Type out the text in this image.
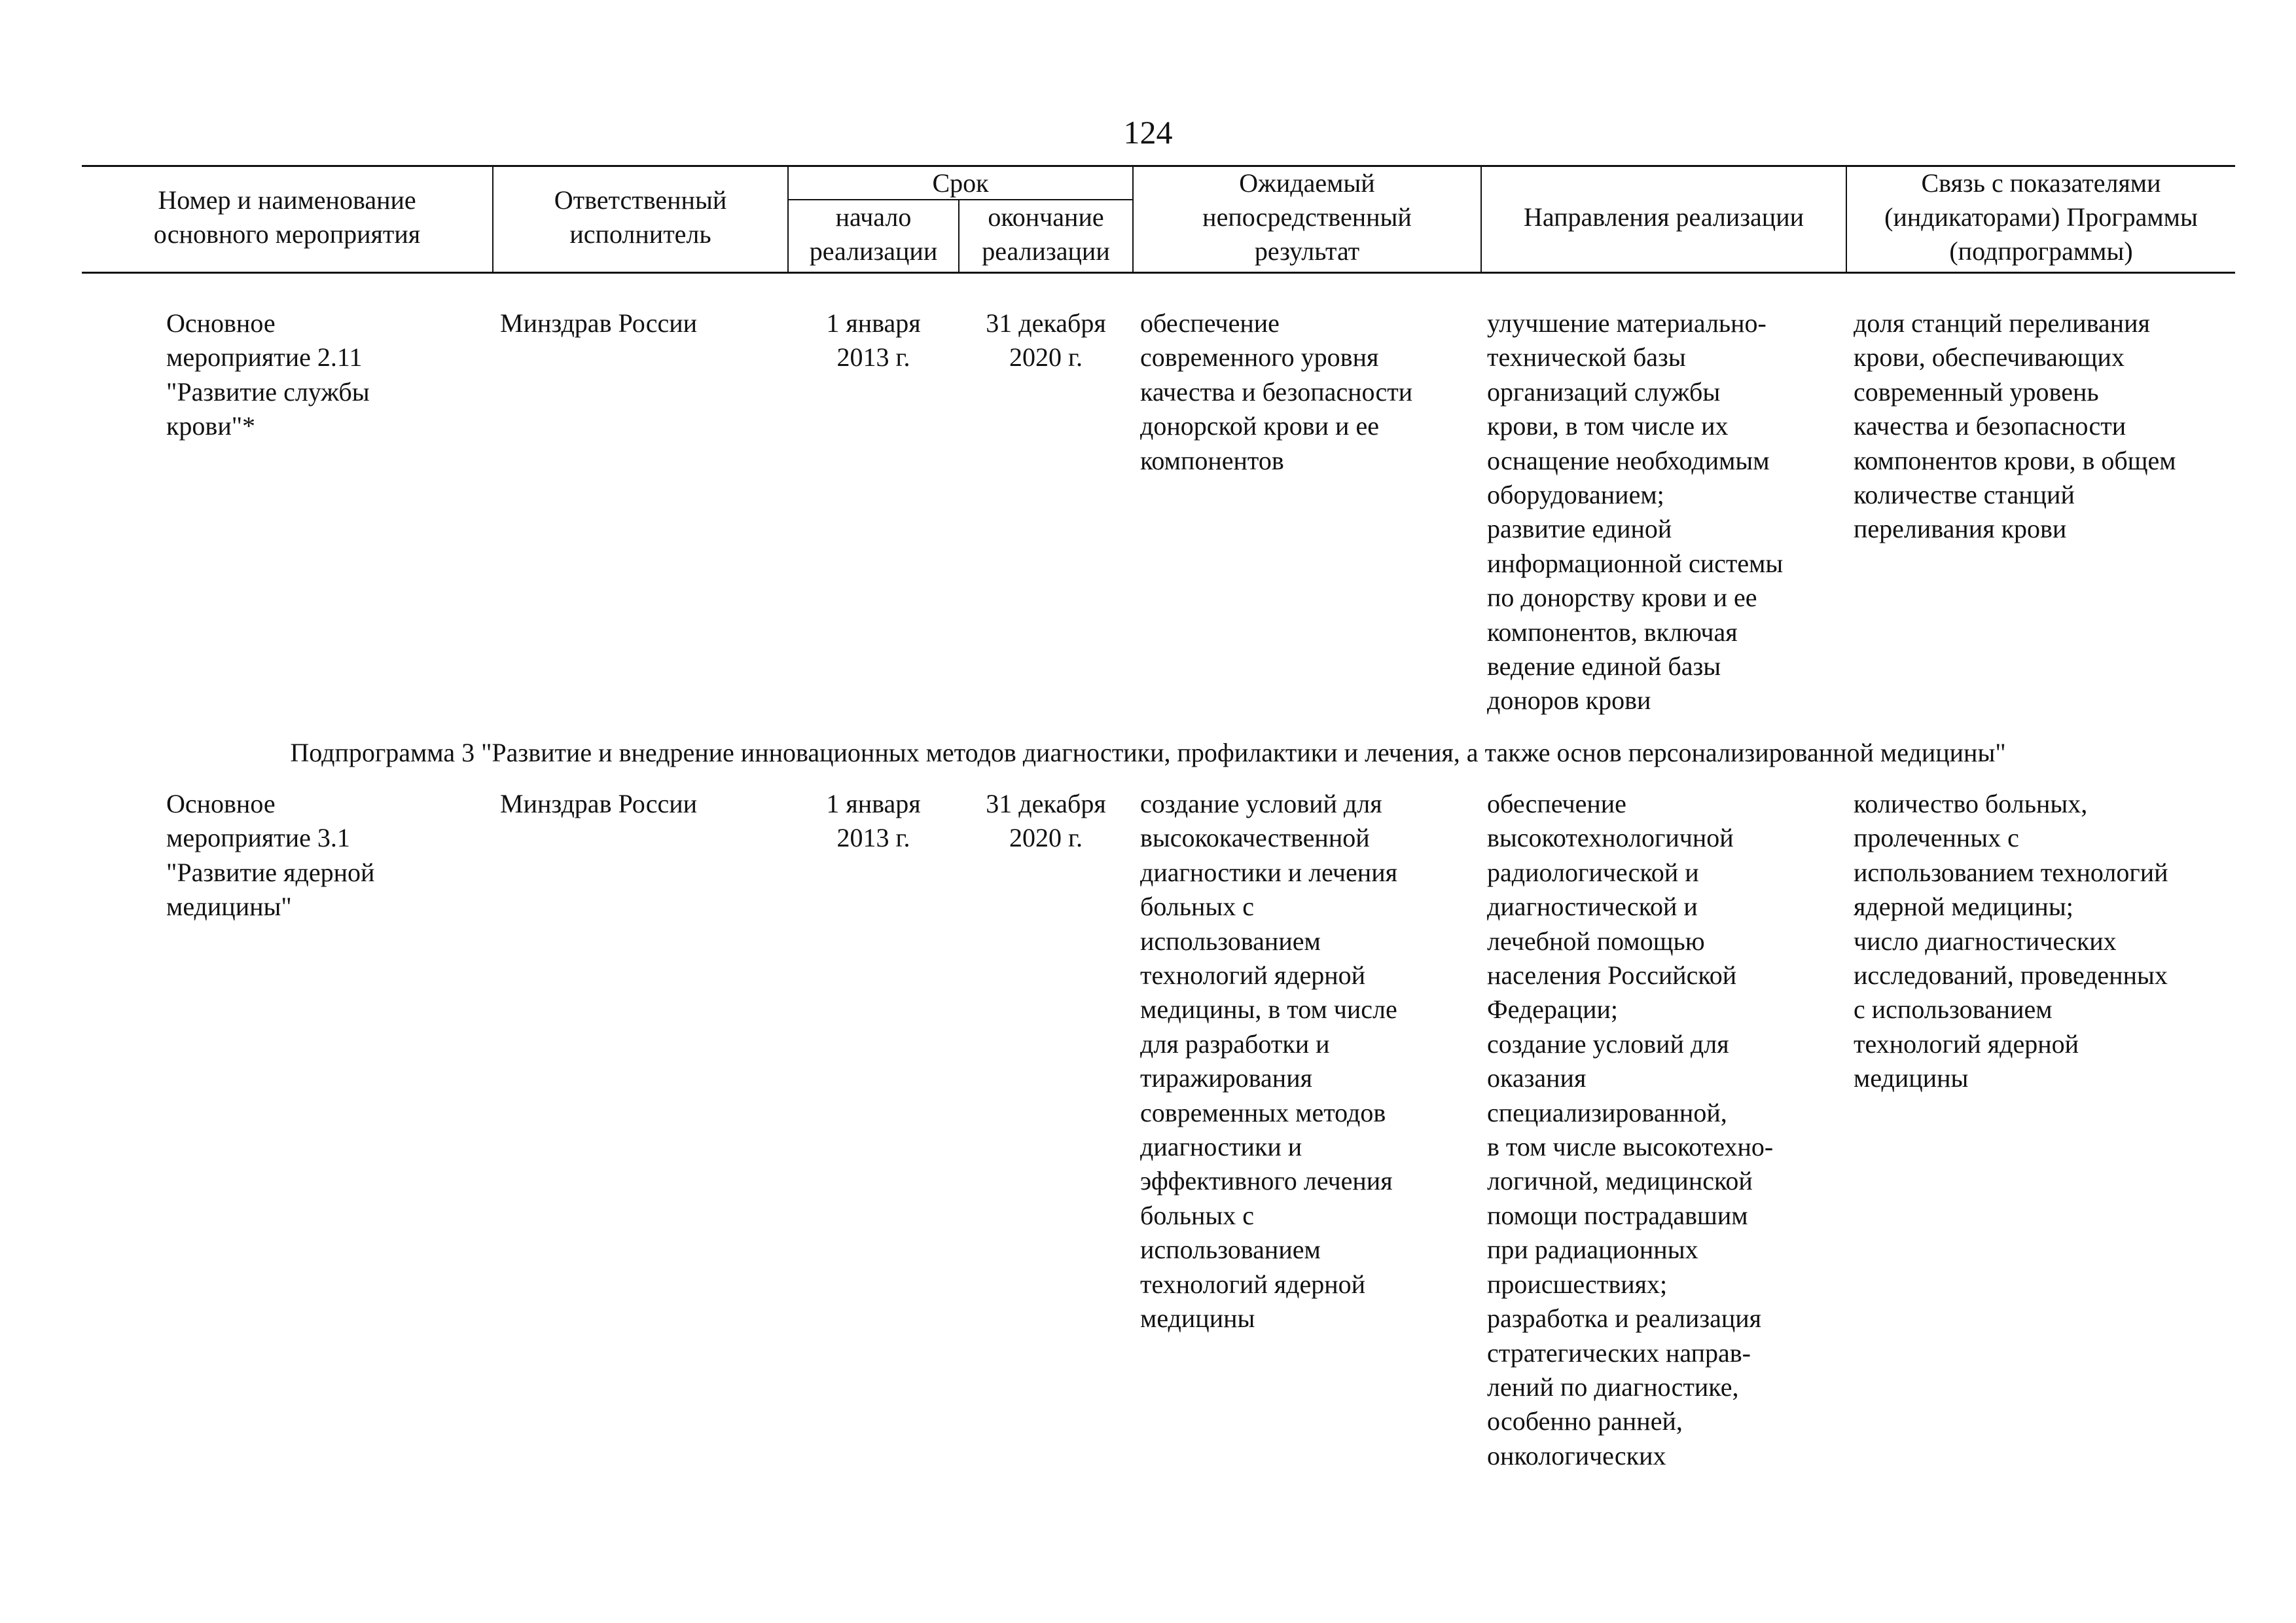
124
Номер и наименование
основного мероприятия
Ответственный
исполнитель
Срок
начало
реализации
окончание
реализации
Ожидаемый
непосредственный
результат
Направления реализации
Связь с показателями
(индикаторами) Программы
(подпрограммы)
Основное
мероприятие 2.11
"Развитие службы
крови"*
Минздрав России	1 января
2013 г.
31 декабря
2020 г.
обеспечение
современного уровня
качества и безопасности
донорской крови и ее
компонентов
улучшение материально-
технической базы
организаций службы
крови, в том числе их
оснащение необходимым
оборудованием;
развитие единой
информационной системы
по донорству крови и ее
компонентов, включая
ведение единой базы
доноров крови
доля станций переливания
крови, обеспечивающих
современный уровень
качества и безопасности
компонентов крови, в общем
количестве станций
переливания крови
Подпрограмма 3 "Развитие и внедрение инновационных методов диагностики, профилактики и лечения, а также основ персонализированной медицины"
Основное
мероприятие 3.1
"Развитие ядерной
медицины"
Минздрав России	1 января
2013 г.
31 декабря
2020 г.
создание условий для
высококачественной
диагностики и лечения
больных с
использованием
технологий ядерной
медицины, в том числе
для разработки и
тиражирования
современных методов
диагностики и
эффективного лечения
больных с
использованием
технологий ядерной
медицины
обеспечение
высокотехнологичной
радиологической и
диагностической и
лечебной помощью
населения Российской
Федерации;
создание условий для
оказания
специализированной,
в том числе высокотехно-
логичной, медицинской
помощи пострадавшим
при радиационных
происшествиях;
разработка и реализация
стратегических направ-
лений по диагностике,
особенно ранней,
онкологических
количество больных,
пролеченных с
использованием технологий
ядерной медицины;
число диагностических
исследований, проведенных
с использованием
технологий ядерной
медицины
